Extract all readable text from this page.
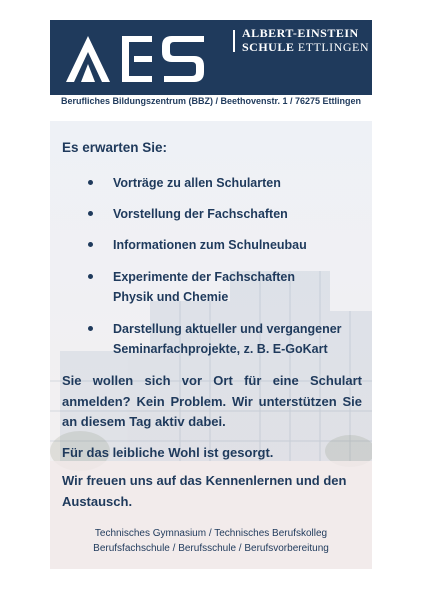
ALBERT-EINSTEIN
SCHULE ETTLINGEN
Berufliches Bildungszentrum (BBZ) / Beethovenstr. 1 / 76275 Ettlingen
Es erwarten Sie:
Vorträge zu allen Schularten
Vorstellung der Fachschaften
Informationen zum Schulneubau
Experimente der Fachschaften
Physik und Chemie
Darstellung aktueller und vergangener
Seminarfachprojekte, z. B. E-GoKart
Sie wollen sich vor Ort für eine Schulart anmelden? Kein Problem. Wir unterstützen Sie an diesem Tag aktiv dabei.
Für das leibliche Wohl ist gesorgt.
Wir freuen uns auf das Kennenlernen und den Austausch.
Technisches Gymnasium / Technisches Berufskolleg
Berufsfachschule / Berufsschule / Berufsvorbereitung
